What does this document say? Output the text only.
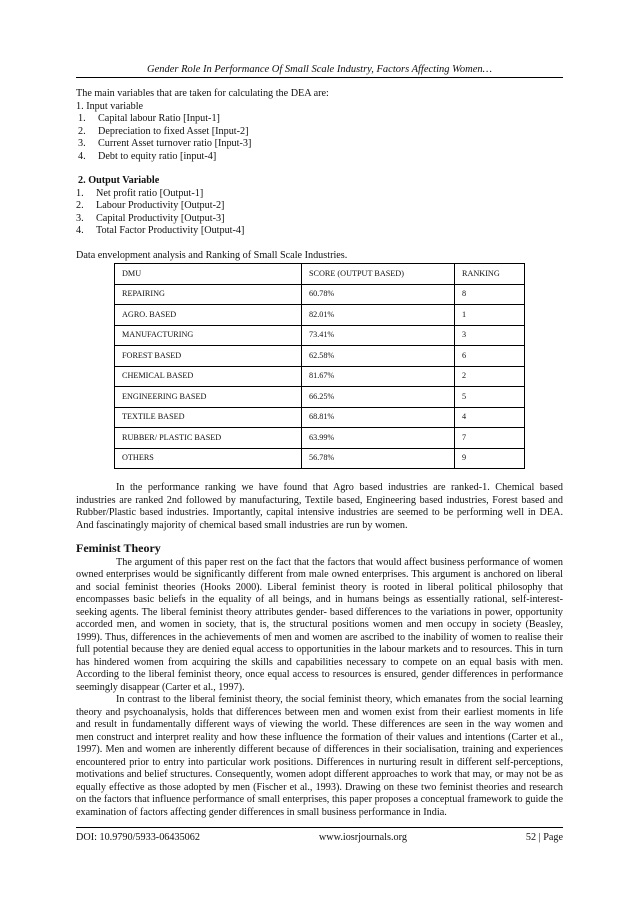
Gender Role In Performance Of Small Scale Industry, Factors Affecting Women…

The main variables that are taken for calculating the DEA are:

1. Input variable

1.	Capital labour Ratio [Input-1]
2.	Depreciation to fixed Asset [Input-2]
3.	Current Asset turnover ratio [Input-3]
4.	Debt to equity ratio [input-4]

2. Output Variable

1.	Net profit ratio [Output-1]
2.	Labour Productivity [Output-2]
3.	Capital Productivity [Output-3]
4.	Total Factor Productivity [Output-4]

Data envelopment analysis and Ranking of Small Scale Industries.

DMU	SCORE (OUTPUT BASED)	RANKING
REPAIRING	60.78%	8
AGRO. BASED	82.01%	1
MANUFACTURING	73.41%	3
FOREST BASED	62.58%	6
CHEMICAL BASED	81.67%	2
ENGINEERING BASED	66.25%	5
TEXTILE BASED	68.81%	4
RUBBER/ PLASTIC BASED	63.99%	7
OTHERS	56.78%	9

In the performance ranking we have found that Agro based industries are ranked-1. Chemical based industries are ranked 2nd followed by manufacturing, Textile based, Engineering based industries, Forest based and Rubber/Plastic based industries. Importantly, capital intensive industries are seemed to be performing well in DEA. And fascinatingly majority of chemical based small industries are run by women.

Feminist Theory

The argument of this paper rest on the fact that the factors that would affect business performance of women owned enterprises would be significantly different from male owned enterprises. This argument is anchored on liberal and social feminist theories (Hooks 2000). Liberal feminist theory is rooted in liberal political philosophy that encompasses basic beliefs in the equality of all beings, and in humans beings as essentially rational, self-interest-seeking agents. The liberal feminist theory attributes gender- based differences to the variations in power, opportunity accorded men, and women in society, that is, the structural positions women and men occupy in society (Beasley, 1999). Thus, differences in the achievements of men and women are ascribed to the inability of women to realise their full potential because they are denied equal access to opportunities in the labour markets and to resources. This in turn has hindered women from acquiring the skills and capabilities necessary to compete on an equal basis with men. According to the liberal feminist theory, once equal access to resources is ensured, gender differences in performance seemingly disappear (Carter et al., 1997).

In contrast to the liberal feminist theory, the social feminist theory, which emanates from the social learning theory and psychoanalysis, holds that differences between men and women exist from their earliest moments in life and result in fundamentally different ways of viewing the world. These differences are seen in the way women and men construct and interpret reality and how these influence the formation of their values and intentions (Carter et al., 1997). Men and women are inherently different because of differences in their socialisation, training and experiences encountered prior to entry into particular work positions. Differences in nurturing result in different self-perceptions, motivations and belief structures. Consequently, women adopt different approaches to work that may, or may not be as equally effective as those adopted by men (Fischer et al., 1993). Drawing on these two feminist theories and research on the factors that influence performance of small enterprises, this paper proposes a conceptual framework to guide the examination of factors affecting gender differences in small business performance in India.

DOI: 10.9790/5933-06435062	www.iosrjournals.org	52 | Page
